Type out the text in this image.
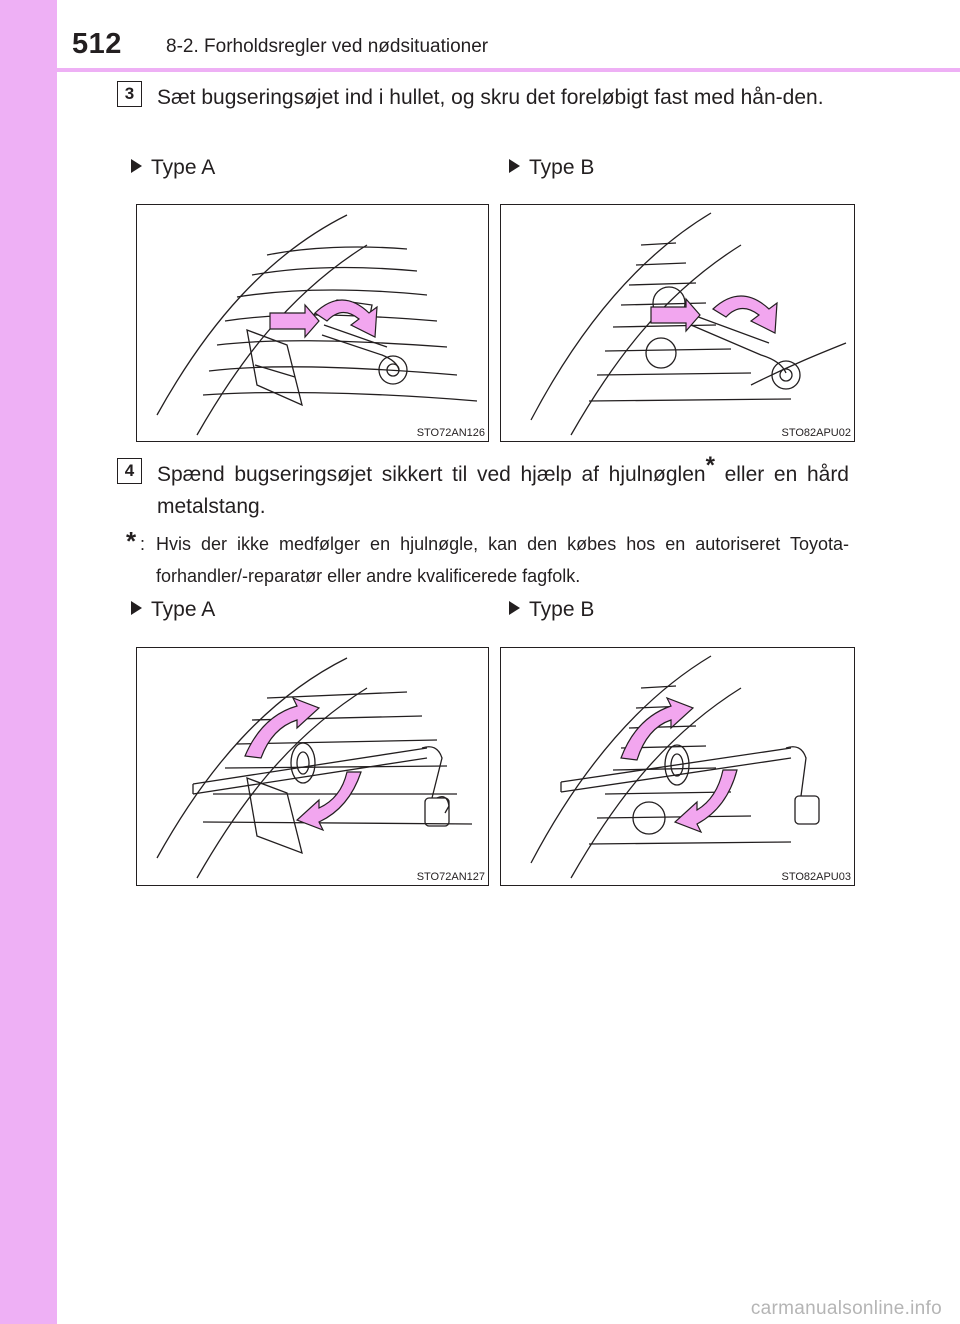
512 8-2. Forholdsregler ved nødsituationer
3	Sæt bugseringsøjet ind i hullet, og skru det foreløbigt fast med hån-den.
Type A	Type B
STO72AN126	STO82APU02
4	Spænd bugseringsøjet sikkert til ved hjælp af hjulnøglen* eller en hård metalstang.
* : Hvis der ikke medfølger en hjulnøgle, kan den købes hos en autoriseret Toyota-forhandler/-reparatør eller andre kvalificerede fagfolk.
Type A	Type B
STO72AN127	STO82APU03
carmanualsonline.info
